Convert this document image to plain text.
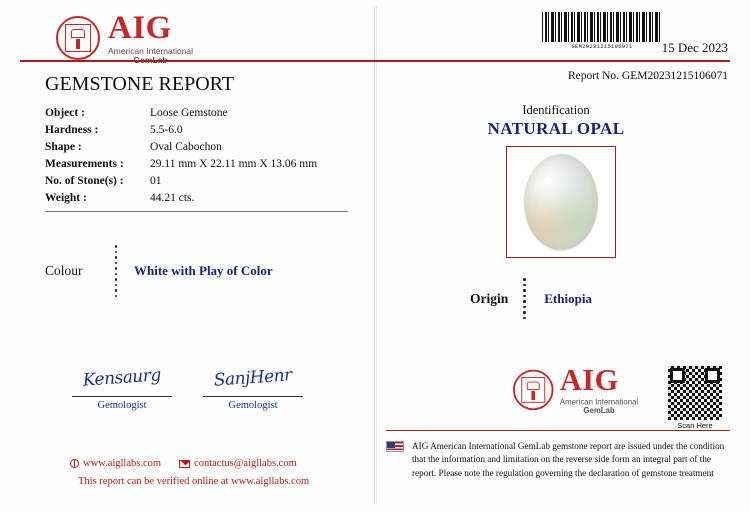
AIG
American International	GEM20231215106071	15 Dec 2023
GEMSTONE REPORT	Report No. GEM20231215106071
Object :	Loose Gemstone
Hardness :	5.5-6.0
Shape :	Oval Cabochon
Measurements :	29.11 mm X 22.11 mm X 13.06 mm
No. of Stone(s) :	01
Weight :	44.21 cts.
Colour	White with Play of Color
Kensaurg
Gemologist
SanjHenr
Gemologist
www.aigllabs.com	contactus@aigllabs.com
This report can be verified online at www.aigllabs.com
Identification
NATURAL OPAL
Origin	Ethiopia
AIG
American International
GemLab
Scan Here
AIG American International GemLab gemstone report are issued under the condition that the information and limitation on the reverse side form an integral part of the report. Please note the regulation governing the declaration of gemstone treatment
